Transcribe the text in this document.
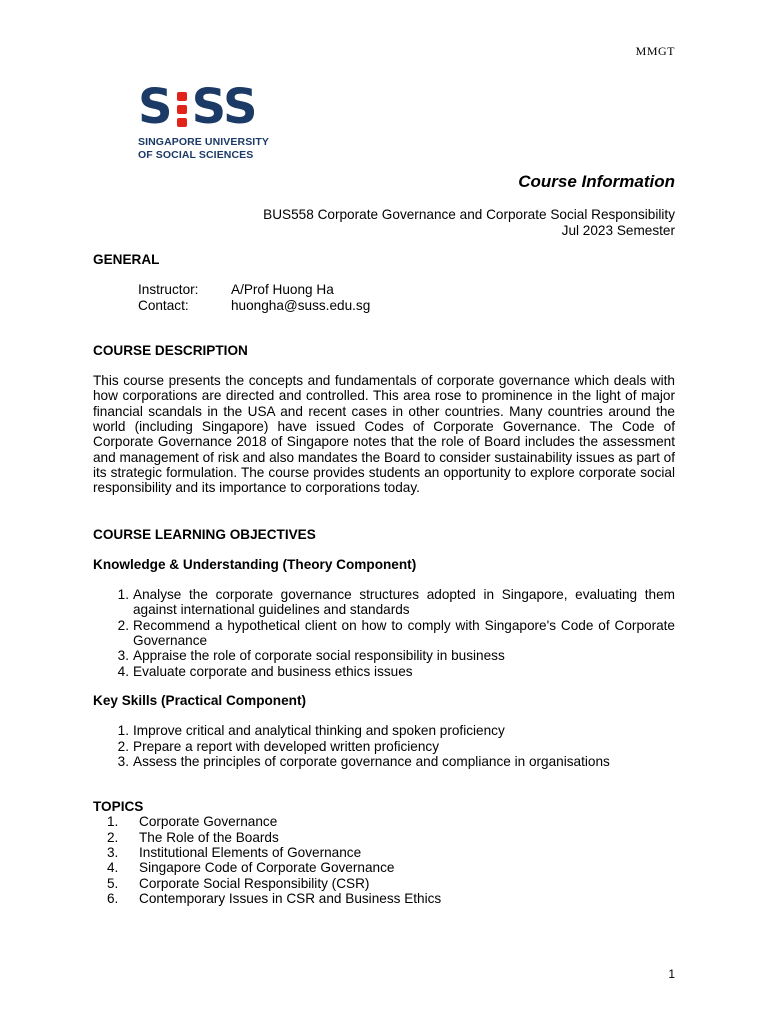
MMGT
S SS
SINGAPORE UNIVERSITY
OF SOCIAL SCIENCES
Course Information
BUS558 Corporate Governance and Corporate Social Responsibility
Jul 2023 Semester
GENERAL
Instructor:	A/Prof Huong Ha
Contact:	huongha@suss.edu.sg
COURSE DESCRIPTION

This course presents the concepts and fundamentals of corporate governance which deals with how corporations are directed and controlled. This area rose to prominence in the light of major financial scandals in the USA and recent cases in other countries. Many countries around the world (including Singapore) have issued Codes of Corporate Governance. The Code of Corporate Governance 2018 of Singapore notes that the role of Board includes the assessment and management of risk and also mandates the Board to consider sustainability issues as part of its strategic formulation. The course provides students an opportunity to explore corporate social responsibility and its importance to corporations today.

COURSE LEARNING OBJECTIVES
Knowledge & Understanding (Theory Component)
1. Analyse the corporate governance structures adopted in Singapore, evaluating them against international guidelines and standards
2. Recommend a hypothetical client on how to comply with Singapore's Code of Corporate Governance
3. Appraise the role of corporate social responsibility in business
4. Evaluate corporate and business ethics issues
Key Skills (Practical Component)
1. Improve critical and analytical thinking and spoken proficiency
2. Prepare a report with developed written proficiency
3. Assess the principles of corporate governance and compliance in organisations
TOPICS
1.	Corporate Governance
2.	The Role of the Boards
3.	Institutional Elements of Governance
4.	Singapore Code of Corporate Governance
5.	Corporate Social Responsibility (CSR)
6.	Contemporary Issues in CSR and Business Ethics
1
